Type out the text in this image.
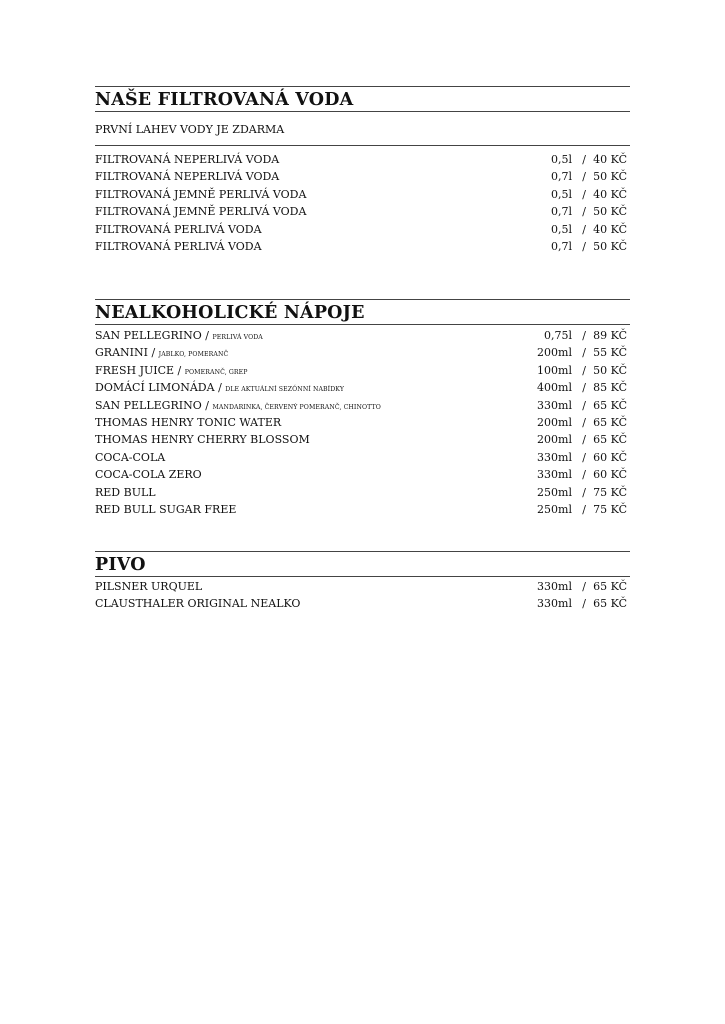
NAŠE FILTROVANÁ VODA
PRVNÍ LAHEV VODY JE ZDARMA
FILTROVANÁ NEPERLIVÁ VODA	0,5l / 40 KČ
FILTROVANÁ NEPERLIVÁ VODA	0,7l / 50 KČ
FILTROVANÁ JEMNĚ PERLIVÁ VODA	0,5l / 40 KČ
FILTROVANÁ JEMNĚ PERLIVÁ VODA	0,7l / 50 KČ
FILTROVANÁ PERLIVÁ VODA	0,5l / 40 KČ
FILTROVANÁ PERLIVÁ VODA	0,7l / 50 KČ
NEALKOHOLICKÉ NÁPOJE
SAN PELLEGRINO / PERLIVÁ VODA	0,75l / 89 KČ
GRANINI / JABLKO, POMERANČ	200ml / 55 KČ
FRESH JUICE / POMERANČ, GREP	100ml / 50 KČ
DOMÁCÍ LIMONÁDA / DLE AKTUÁLNÍ SEZÓNNÍ NABÍDKY	400ml / 85 KČ
SAN PELLEGRINO / MANDARINKA, ČERVENÝ POMERANČ, CHINOTTO	330ml / 65 KČ
THOMAS HENRY TONIC WATER	200ml / 65 KČ
THOMAS HENRY CHERRY BLOSSOM	200ml / 65 KČ
COCA-COLA	330ml / 60 KČ
COCA-COLA ZERO	330ml / 60 KČ
RED BULL	250ml / 75 KČ
RED BULL SUGAR FREE	250ml / 75 KČ
PIVO
PILSNER URQUEL	330ml / 65 KČ
CLAUSTHALER ORIGINAL NEALKO	330ml / 65 KČ
